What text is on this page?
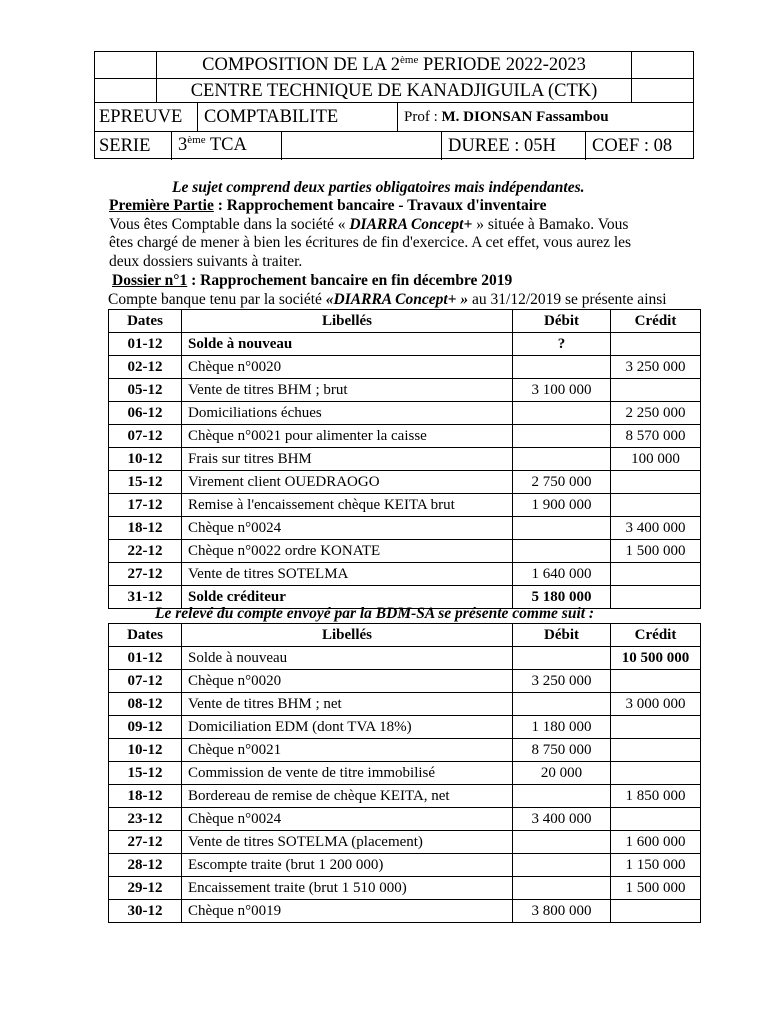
COMPOSITION DE LA 2ème PERIODE 2022-2023
CENTRE TECHNIQUE DE KANADJIGUILA (CTK)
EPREUVE COMPTABILITE	Prof : M. DIONSAN Fassambou
SERIE 3ème TCA	DUREE : 05H COEF : 08
Le sujet comprend deux parties obligatoires mais indépendantes.
Première Partie : Rapprochement bancaire - Travaux d'inventaire
Vous êtes Comptable dans la société « DIARRA Concept+ » située à Bamako. Vous
êtes chargé de mener à bien les écritures de fin d'exercice. A cet effet, vous aurez les
deux dossiers suivants à traiter.
Dossier n°1 : Rapprochement bancaire en fin décembre 2019
Compte banque tenu par la société «DIARRA Concept+ » au 31/12/2019 se présente ainsi
Dates	Libellés	Débit	Crédit
01-12	Solde à nouveau	?	
02-12	Chèque n°0020		3 250 000
05-12	Vente de titres BHM ; brut	3 100 000	
06-12	Domiciliations échues		2 250 000
07-12	Chèque n°0021 pour alimenter la caisse		8 570 000
10-12	Frais sur titres BHM		100 000
15-12	Virement client OUEDRAOGO	2 750 000	
17-12	Remise à l'encaissement chèque KEITA brut	1 900 000	
18-12	Chèque n°0024		3 400 000
22-12	Chèque n°0022 ordre KONATE		1 500 000
27-12	Vente de titres SOTELMA	1 640 000	
31-12	Solde créditeur	5 180 000	
Le relevé du compte envoyé par la BDM-SA se présente comme suit :
Dates	Libellés	Débit	Crédit
01-12	Solde à nouveau		10 500 000
07-12	Chèque n°0020	3 250 000	
08-12	Vente de titres BHM ; net		3 000 000
09-12	Domiciliation EDM (dont TVA 18%)	1 180 000	
10-12	Chèque n°0021	8 750 000	
15-12	Commission de vente de titre immobilisé	20 000	
18-12	Bordereau de remise de chèque KEITA, net		1 850 000
23-12	Chèque n°0024	3 400 000	
27-12	Vente de titres SOTELMA (placement)		1 600 000
28-12	Escompte traite (brut 1 200 000)		1 150 000
29-12	Encaissement traite (brut 1 510 000)		1 500 000
30-12	Chèque n°0019	3 800 000	
